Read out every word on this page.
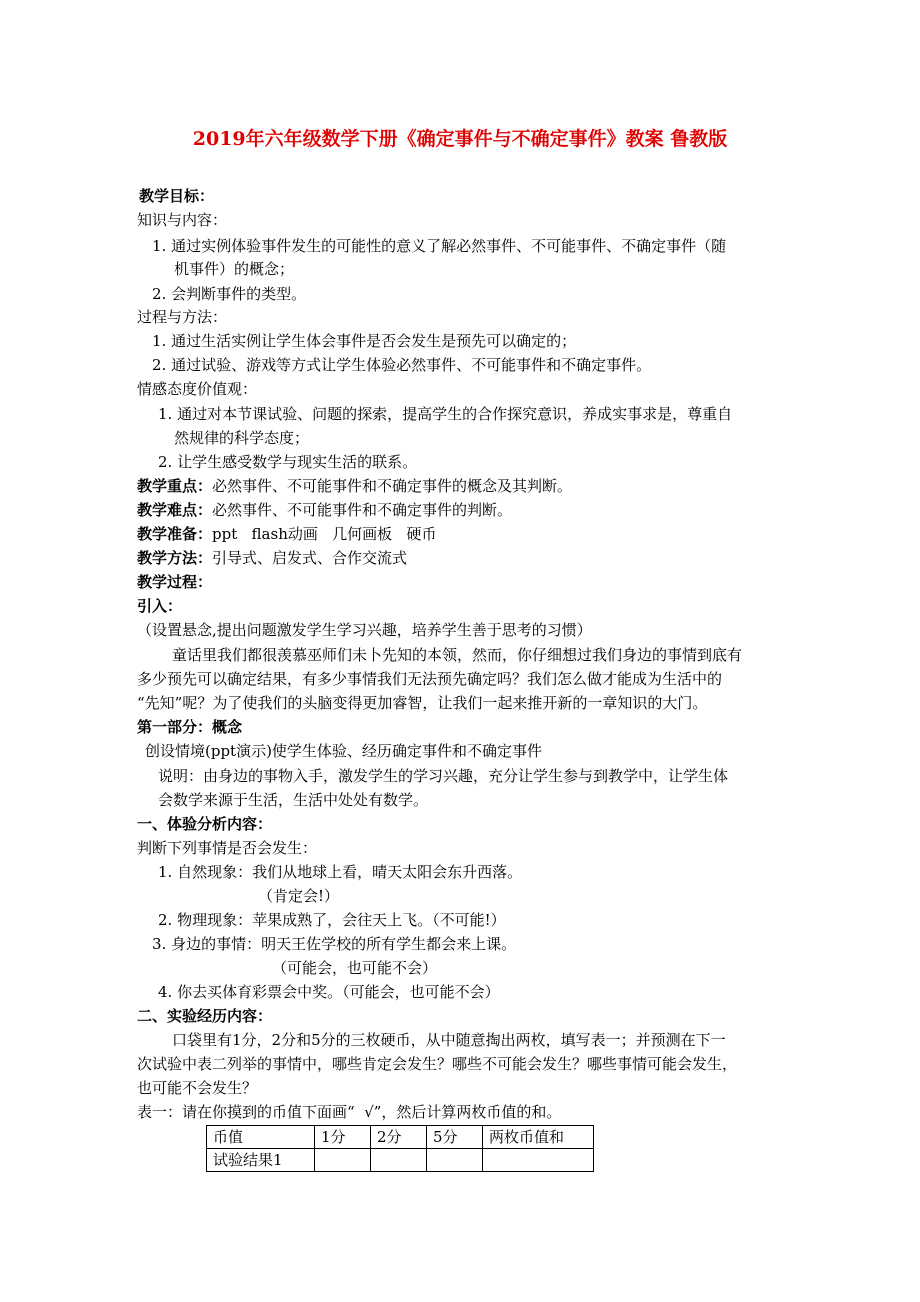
2019年六年级数学下册《确定事件与不确定事件》教案 鲁教版
教学目标：
知识与内容：
1. 通过实例体验事件发生的可能性的意义了解必然事件、不可能事件、不确定事件（随
机事件）的概念；
2. 会判断事件的类型。
过程与方法：
1. 通过生活实例让学生体会事件是否会发生是预先可以确定的；
2. 通过试验、游戏等方式让学生体验必然事件、不可能事件和不确定事件。
情感态度价值观：
1. 通过对本节课试验、问题的探索，提高学生的合作探究意识，养成实事求是，尊重自
然规律的科学态度；
2. 让学生感受数学与现实生活的联系。
教学重点：必然事件、不可能事件和不确定事件的概念及其判断。
教学难点：必然事件、不可能事件和不确定事件的判断。
教学准备：ppt   flash动画   几何画板   硬币
教学方法：引导式、启发式、合作交流式
教学过程：
引入：
（设置悬念,提出问题激发学生学习兴趣，培养学生善于思考的习惯）
童话里我们都很羡慕巫师们未卜先知的本领，然而，你仔细想过我们身边的事情到底有
多少预先可以确定结果，有多少事情我们无法预先确定吗？我们怎么做才能成为生活中的
“先知”呢？为了使我们的头脑变得更加睿智，让我们一起来推开新的一章知识的大门。
第一部分：概念
创设情境(ppt演示)使学生体验、经历确定事件和不确定事件
说明：由身边的事物入手，激发学生的学习兴趣，充分让学生参与到教学中，让学生体
会数学来源于生活，生活中处处有数学。
一、体验分析内容：
判断下列事情是否会发生：
1. 自然现象：我们从地球上看，晴天太阳会东升西落。
（肯定会!）
2. 物理现象：苹果成熟了，会往天上飞。（不可能!）
3. 身边的事情：明天王佐学校的所有学生都会来上课。
（可能会，也可能不会）
4. 你去买体育彩票会中奖。（可能会，也可能不会）
二、实验经历内容：
口袋里有1分，2分和5分的三枚硬币，从中随意掏出两枚，填写表一；并预测在下一
次试验中表二列举的事情中，哪些肯定会发生？哪些不可能会发生？哪些事情可能会发生，
也可能不会发生？
表一：请在你摸到的币值下面画“  √”，然后计算两枚币值的和。
币值	1分	2分	5分	两枚币值和
试验结果1				
